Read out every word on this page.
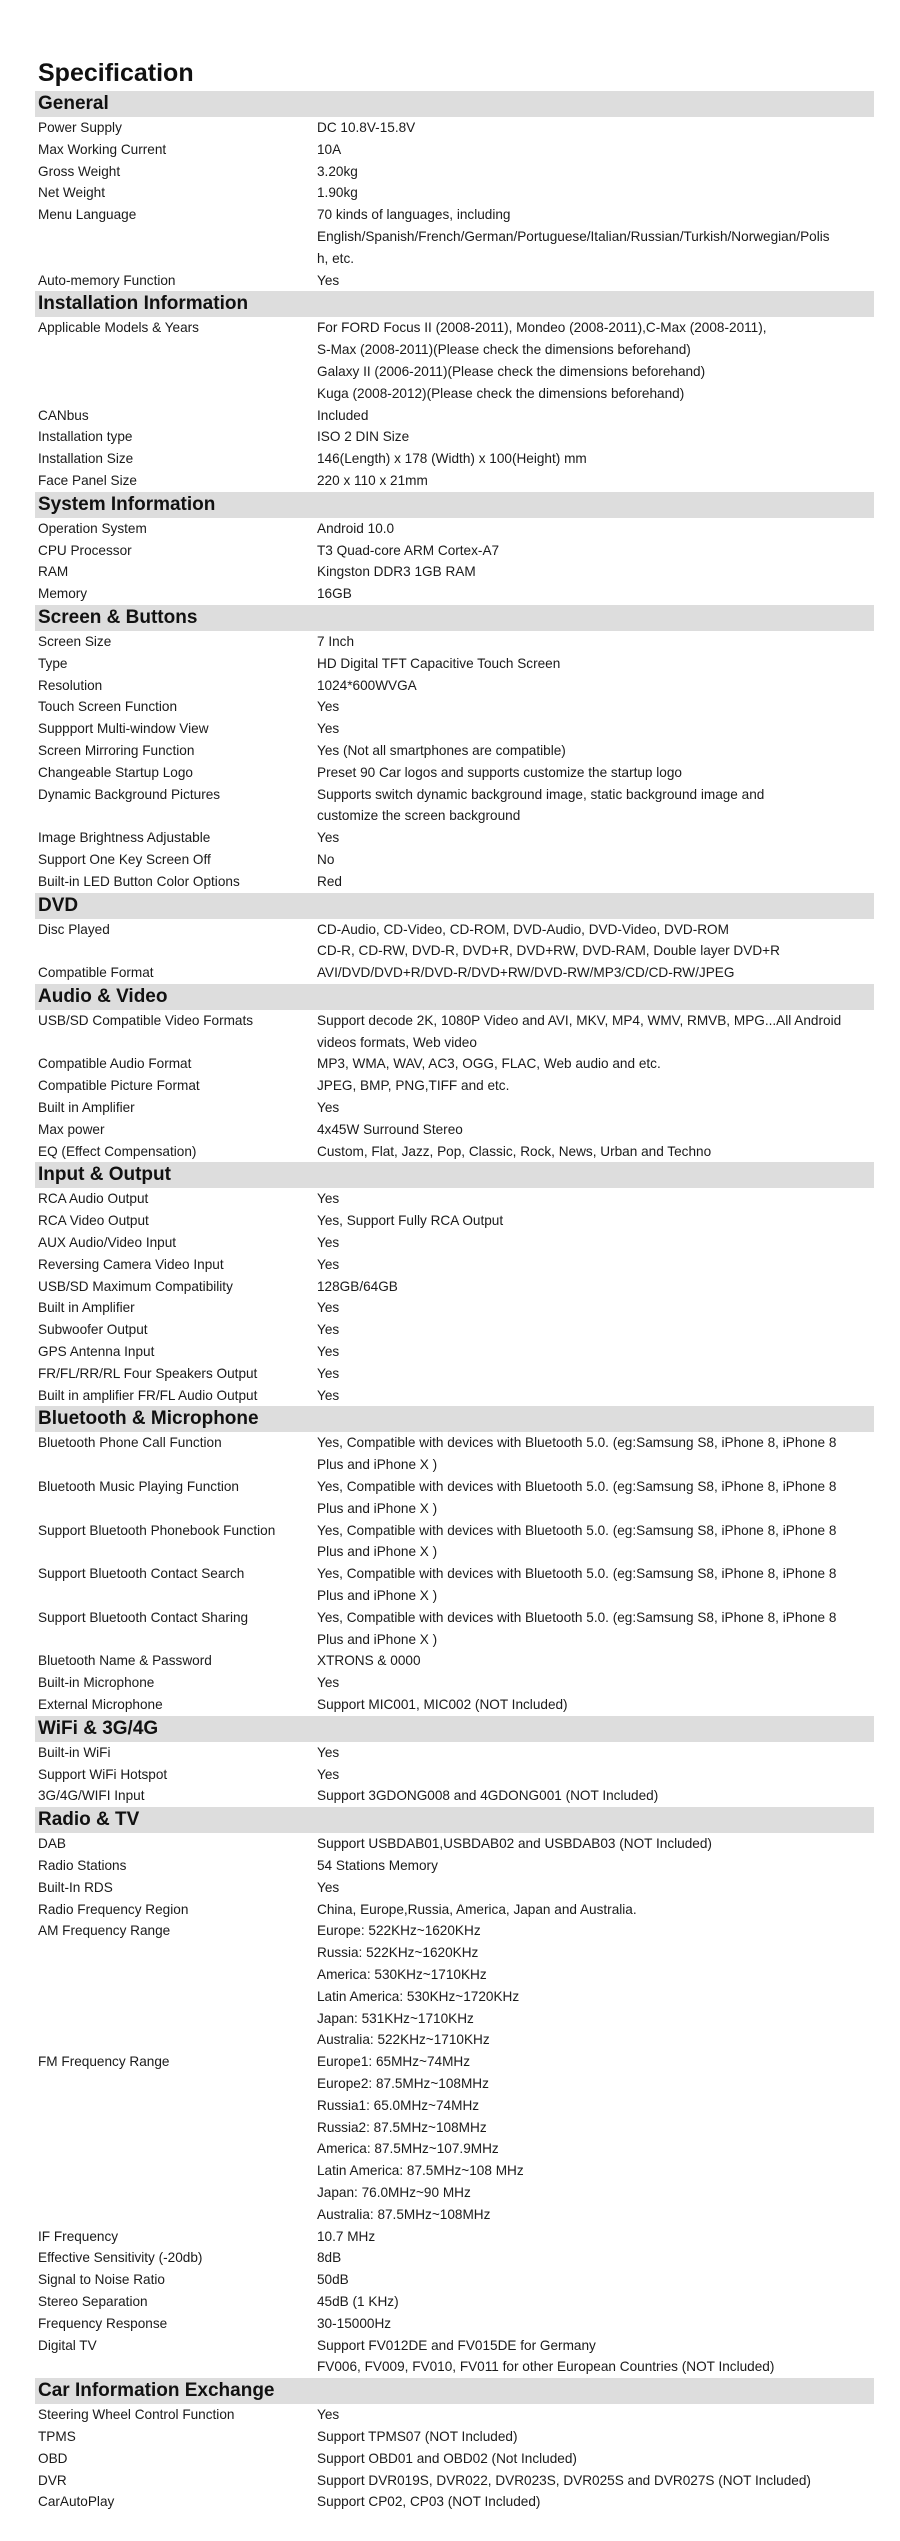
Specification
General
Power Supply	DC 10.8V-15.8V
Max Working Current	10A
Gross Weight	3.20kg
Net Weight	1.90kg
Menu Language	70 kinds of languages, including
English/Spanish/French/German/Portuguese/Italian/Russian/Turkish/Norwegian/Polis
h, etc.
Auto-memory Function	Yes
Installation Information
Applicable Models & Years	For FORD Focus II (2008-2011), Mondeo (2008-2011),C-Max (2008-2011),
S-Max (2008-2011)(Please check the dimensions beforehand)
Galaxy II (2006-2011)(Please check the dimensions beforehand)
Kuga (2008-2012)(Please check the dimensions beforehand)
CANbus	Included
Installation type	ISO 2 DIN Size
Installation Size	146(Length) x 178 (Width) x 100(Height) mm
Face Panel Size	220 x 110 x 21mm
System Information
Operation System	Android 10.0
CPU Processor	T3 Quad-core ARM Cortex-A7
RAM	Kingston DDR3 1GB RAM
Memory	16GB
Screen & Buttons
Screen Size	7 Inch
Type	HD Digital TFT Capacitive Touch Screen
Resolution	1024*600WVGA
Touch Screen Function	Yes
Suppport Multi-window View	Yes
Screen Mirroring Function	Yes (Not all smartphones are compatible)
Changeable Startup Logo	Preset 90 Car logos and supports customize the startup logo
Dynamic Background Pictures	Supports switch dynamic background image, static background image and
customize the screen background
Image Brightness Adjustable	Yes
Support One Key Screen Off	No
Built-in LED Button Color Options	Red
DVD
Disc Played	CD-Audio, CD-Video, CD-ROM, DVD-Audio, DVD-Video, DVD-ROM
CD-R, CD-RW, DVD-R, DVD+R, DVD+RW, DVD-RAM, Double layer DVD+R
Compatible Format	AVI/DVD/DVD+R/DVD-R/DVD+RW/DVD-RW/MP3/CD/CD-RW/JPEG
Audio & Video
USB/SD Compatible Video Formats	Support decode 2K, 1080P Video and AVI, MKV, MP4, WMV, RMVB, MPG...All Android
videos formats, Web video
Compatible Audio Format	MP3, WMA, WAV, AC3, OGG, FLAC, Web audio and etc.
Compatible Picture Format	JPEG, BMP, PNG,TIFF and etc.
Built in Amplifier	Yes
Max power	4x45W Surround Stereo
EQ (Effect Compensation)	Custom, Flat, Jazz, Pop, Classic, Rock, News, Urban and Techno
Input & Output
RCA Audio Output	Yes
RCA Video Output	Yes, Support Fully RCA Output
AUX Audio/Video Input	Yes
Reversing Camera Video Input	Yes
USB/SD Maximum Compatibility	128GB/64GB
Built in Amplifier	Yes
Subwoofer Output	Yes
GPS Antenna Input	Yes
FR/FL/RR/RL Four Speakers Output	Yes
Built in amplifier FR/FL Audio Output	Yes
Bluetooth & Microphone
Bluetooth Phone Call Function	Yes, Compatible with devices with Bluetooth 5.0. (eg:Samsung S8, iPhone 8, iPhone 8
Plus and iPhone X )
Bluetooth Music Playing Function	Yes, Compatible with devices with Bluetooth 5.0. (eg:Samsung S8, iPhone 8, iPhone 8
Plus and iPhone X )
Support Bluetooth Phonebook Function	Yes, Compatible with devices with Bluetooth 5.0. (eg:Samsung S8, iPhone 8, iPhone 8
Plus and iPhone X )
Support Bluetooth Contact Search	Yes, Compatible with devices with Bluetooth 5.0. (eg:Samsung S8, iPhone 8, iPhone 8
Plus and iPhone X )
Support Bluetooth Contact Sharing	Yes, Compatible with devices with Bluetooth 5.0. (eg:Samsung S8, iPhone 8, iPhone 8
Plus and iPhone X )
Bluetooth Name & Password	XTRONS & 0000
Built-in Microphone	Yes
External Microphone	Support MIC001, MIC002 (NOT Included)
WiFi & 3G/4G
Built-in WiFi	Yes
Support WiFi Hotspot	Yes
3G/4G/WIFI Input	Support 3GDONG008 and 4GDONG001 (NOT Included)
Radio & TV
DAB	Support USBDAB01,USBDAB02 and USBDAB03 (NOT Included)
Radio Stations	54 Stations Memory
Built-In RDS	Yes
Radio Frequency Region	China, Europe,Russia, America, Japan and Australia.
AM Frequency Range	Europe: 522KHz~1620KHz
Russia: 522KHz~1620KHz
America: 530KHz~1710KHz
Latin America: 530KHz~1720KHz
Japan: 531KHz~1710KHz
Australia: 522KHz~1710KHz
FM Frequency Range	Europe1: 65MHz~74MHz
Europe2: 87.5MHz~108MHz
Russia1: 65.0MHz~74MHz
Russia2: 87.5MHz~108MHz
America: 87.5MHz~107.9MHz
Latin America: 87.5MHz~108 MHz
Japan: 76.0MHz~90 MHz
Australia: 87.5MHz~108MHz
IF Frequency	10.7 MHz
Effective Sensitivity (-20db)	8dB
Signal to Noise Ratio	50dB
Stereo Separation	45dB (1 KHz)
Frequency Response	30-15000Hz
Digital TV	Support FV012DE and FV015DE for Germany
FV006, FV009, FV010, FV011 for other European Countries (NOT Included)
Car Information Exchange
Steering Wheel Control Function	Yes
TPMS	Support TPMS07 (NOT Included)
OBD	Support OBD01 and OBD02 (Not Included)
DVR	Support DVR019S, DVR022, DVR023S, DVR025S and DVR027S (NOT Included)
CarAutoPlay	Support CP02, CP03 (NOT Included)
